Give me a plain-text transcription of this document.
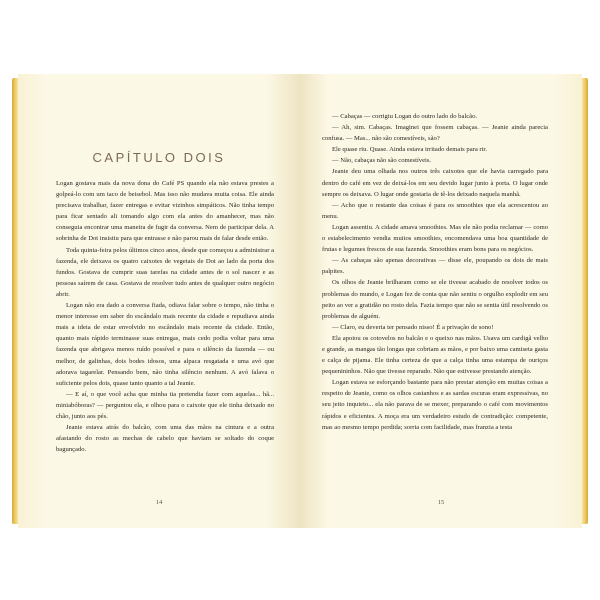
CAPÍTULO DOIS

Logan gostava mais da nova dona do Café PS quando ela não estava prestes a golpeá-lo com um taco de beisebol. Mas isso não mudava muita coisa. Ele ainda precisava trabalhar, fazer entregas e evitar vizinhos simpáticos. Não tinha tempo para ficar sentado ali tomando algo com ela antes do amanhecer, mas não conseguia encontrar uma maneira de fugir da conversa. Nem de participar dela. A sobrinha de Dot insistiu para que entrasse e não parou mais de falar desde então.

Toda quinta-feira pelos últimos cinco anos, desde que começou a administrar a fazenda, ele deixava os quatro caixotes de vegetais de Dot ao lado da porta dos fundos. Gostava de cumprir suas tarefas na cidade antes de o sol nascer e as pessoas saírem de casa. Gostava de resolver tudo antes de qualquer outro negócio abrir.

Logan não era dado a conversa fiada, odiava falar sobre o tempo, não tinha o menor interesse em saber do escândalo mais recente da cidade e repudiava ainda mais a ideia de estar envolvido no escândalo mais recente da cidade. Então, quanto mais rápido terminasse suas entregas, mais cedo podia voltar para uma fazenda que abrigava menos ruído possível e para o silêncio da fazenda — ou melhor, de galinhas, dois bodes idosos, uma alpaca resgatada e uma avó que adorava tagarelar. Pensando bem, não tinha silêncio nenhum. A avó falava o suficiente pelos dois, quase tanto quanto a tal Jeanie.

— E aí, o que você acha que minha tia pretendia fazer com aquelas... hã... miniabóboras? — perguntou ela, e olhou para o caixote que ele tinha deixado no chão, junto aos pés.

Jeanie estava atrás do balcão, com uma das mãos na cintura e a outra afastando do rosto as mechas de cabelo que haviam se soltado do coque bagunçado.

14

— Cabaças — corrigiu Logan do outro lado do balcão.

— Ah, sim. Cabaças. Imaginei que fossem cabaças. — Jeanie ainda parecia confusa. — Mas... não são comestíveis, são?

Ele quase riu. Quase. Ainda estava irritado demais para rir.

— Não, cabaças não são comestíveis.

Jeanie deu uma olhada nos outros três caixotes que ele havia carregado para dentro do café em vez de deixá-los em seu devido lugar junto à porta. O lugar onde sempre os deixava. O lugar onde gostaria de tê-los deixado naquela manhã.

— Acho que o restante das coisas é para os smoothies que ela acrescentou ao menu.

Logan assentiu. A cidade amava smoothies. Mas ele não podia reclamar — como o estabelecimento vendia muitos smoothies, encomendava uma boa quantidade de frutas e legumes frescos de sua fazenda. Smoothies eram bons para os negócios.

— As cabaças são apenas decorativas — disse ele, poupando os dois de mais palpites.

Os olhos de Jeanie brilharam como se ele tivesse acabado de resolver todos os problemas do mundo, e Logan fez de conta que não sentiu o orgulho explodir em seu peito ao ver a gratidão no rosto dela. Fazia tempo que não se sentia útil resolvendo os problemas de alguém.

— Claro, eu deveria ter pensado nisso! É a privação de sono!

Ela apoiou os cotovelos no balcão e o queixo nas mãos. Usava um cardigã velho e grande, as mangas tão longas que cobriam as mãos, e por baixo uma camiseta gasta e calça de pijama. Ele tinha certeza de que a calça tinha uma estampa de ouriços pequenininhos. Não que tivesse reparado. Não que estivesse prestando atenção.

Logan estava se esforçando bastante para não prestar atenção em muitas coisas a respeito de Jeanie, como os olhos castanhos e as sardas escuras eram expressivas, no seu jeito inquieto... ela não parava de se mexer, preparando o café com movimentos rápidos e eficientes. A moça era um verdadeiro estudo de contradição: competente, mas ao mesmo tempo perdida; sorria com facilidade, mas franzia a testa

15
